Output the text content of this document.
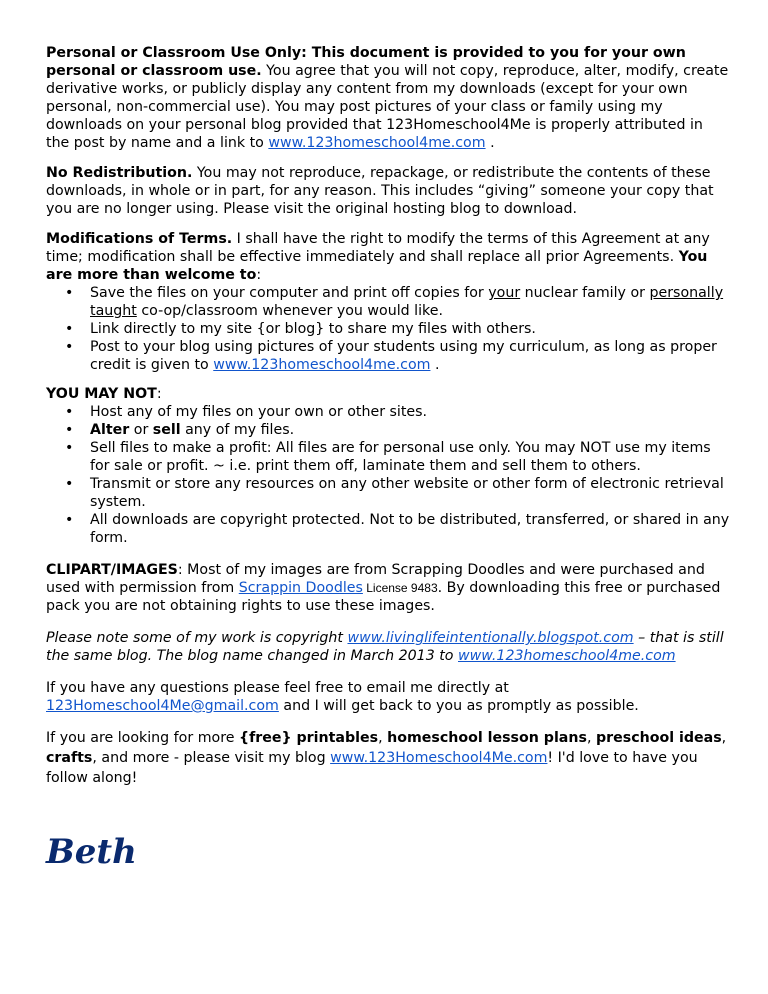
Personal or Classroom Use Only: This document is provided to you for your own personal or classroom use. You agree that you will not copy, reproduce, alter, modify, create derivative works, or publicly display any content from my downloads (except for your own personal, non-commercial use). You may post pictures of your class or family using my downloads on your personal blog provided that 123Homeschool4Me is properly attributed in the post by name and a link to www.123homeschool4me.com .

No Redistribution. You may not reproduce, repackage, or redistribute the contents of these downloads, in whole or in part, for any reason. This includes “giving” someone your copy that you are no longer using. Please visit the original hosting blog to download.

Modifications of Terms. I shall have the right to modify the terms of this Agreement at any time; modification shall be effective immediately and shall replace all prior Agreements. You are more than welcome to:

• Save the files on your computer and print off copies for your nuclear family or personally taught co-op/classroom whenever you would like.
• Link directly to my site {or blog} to share my files with others.
• Post to your blog using pictures of your students using my curriculum, as long as proper credit is given to www.123homeschool4me.com .

YOU MAY NOT:

• Host any of my files on your own or other sites.
• Alter or sell any of my files.
• Sell files to make a profit: All files are for personal use only. You may NOT use my items for sale or profit. ~ i.e. print them off, laminate them and sell them to others.
• Transmit or store any resources on any other website or other form of electronic retrieval system.
• All downloads are copyright protected. Not to be distributed, transferred, or shared in any form.

CLIPART/IMAGES: Most of my images are from Scrapping Doodles and were purchased and used with permission from Scrappin Doodles License 9483. By downloading this free or purchased pack you are not obtaining rights to use these images.

Please note some of my work is copyright www.livinglifeintentionally.blogspot.com – that is still the same blog. The blog name changed in March 2013 to www.123homeschool4me.com

If you have any questions please feel free to email me directly at 123Homeschool4Me@gmail.com and I will get back to you as promptly as possible.

If you are looking for more {free} printables, homeschool lesson plans, preschool ideas, crafts, and more - please visit my blog www.123Homeschool4Me.com! I'd love to have you follow along!

Beth
